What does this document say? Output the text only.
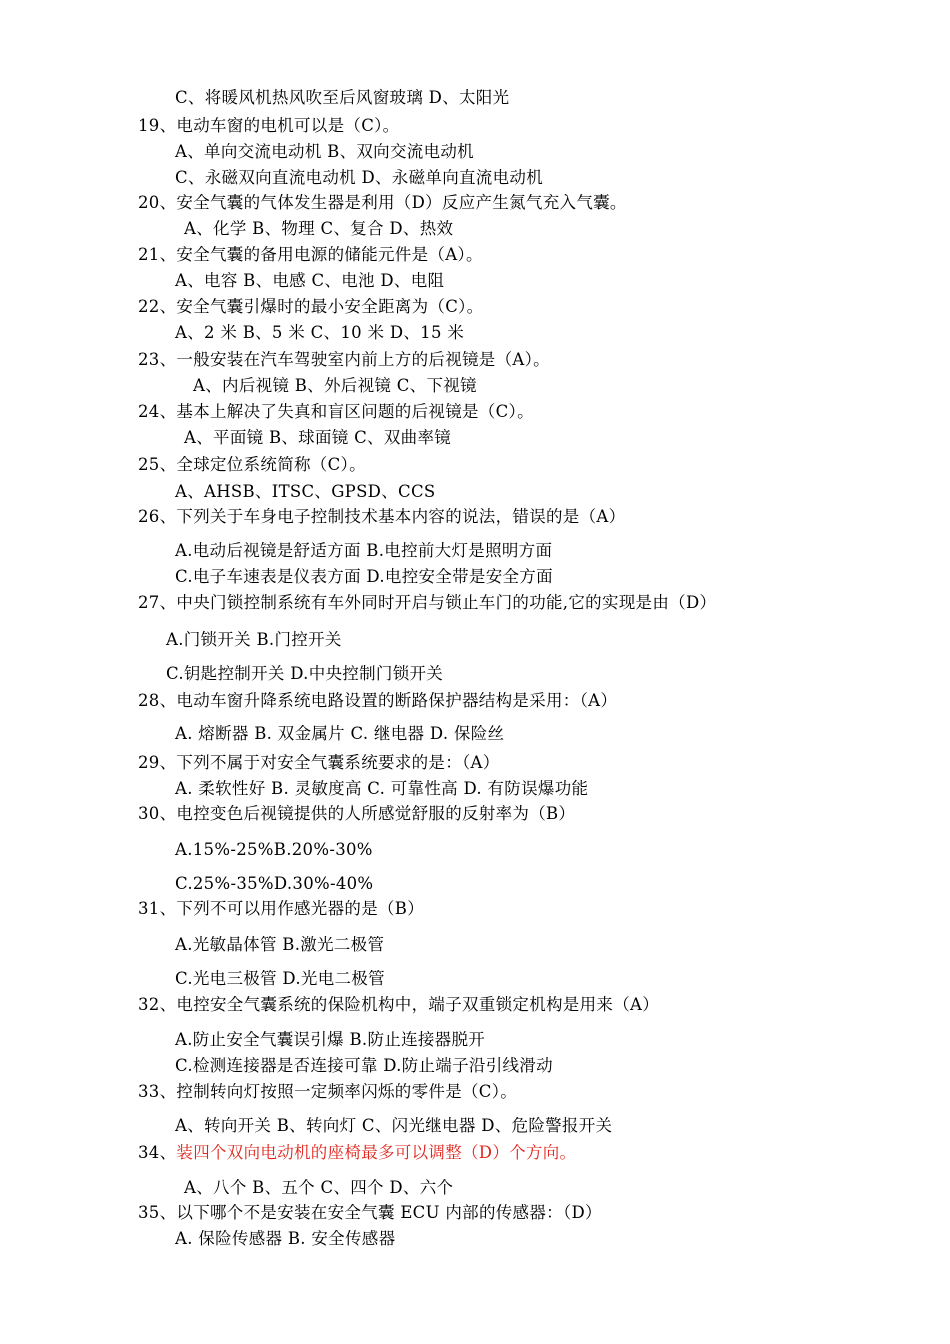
C、将暖风机热风吹至后风窗玻璃 D、太阳光
19、电动车窗的电机可以是（C）。
A、单向交流电动机 B、双向交流电动机
C、永磁双向直流电动机 D、永磁单向直流电动机
20、安全气囊的气体发生器是利用（D）反应产生氮气充入气囊。
A、化学 B、物理 C、复合 D、热效
21、安全气囊的备用电源的储能元件是（A）。
A、电容 B、电感 C、电池 D、电阻
22、安全气囊引爆时的最小安全距离为（C）。
A、2 米 B、5 米 C、10 米 D、15 米
23、一般安装在汽车驾驶室内前上方的后视镜是（A）。
A、内后视镜 B、外后视镜 C、下视镜
24、基本上解决了失真和盲区问题的后视镜是（C）。
A、平面镜 B、球面镜 C、双曲率镜
25、全球定位系统简称（C）。
A、AHSB、ITSC、GPSD、CCS
26、下列关于车身电子控制技术基本内容的说法，错误的是（A）
A.电动后视镜是舒适方面 B.电控前大灯是照明方面
C.电子车速表是仪表方面 D.电控安全带是安全方面
27、中央门锁控制系统有车外同时开启与锁止车门的功能,它的实现是由（D）
A.门锁开关 B.门控开关
C.钥匙控制开关 D.中央控制门锁开关
28、电动车窗升降系统电路设置的断路保护器结构是采用：（A）
A. 熔断器 B. 双金属片 C. 继电器 D. 保险丝
29、下列不属于对安全气囊系统要求的是：（A）
A. 柔软性好 B. 灵敏度高 C. 可靠性高 D. 有防误爆功能
30、电控变色后视镜提供的人所感觉舒服的反射率为（B）
A.15%-25%B.20%-30%
C.25%-35%D.30%-40%
31、下列不可以用作感光器的是（B）
A.光敏晶体管 B.激光二极管
C.光电三极管 D.光电二极管
32、电控安全气囊系统的保险机构中，端子双重锁定机构是用来（A）
A.防止安全气囊误引爆 B.防止连接器脱开
C.检测连接器是否连接可靠 D.防止端子沿引线滑动
33、控制转向灯按照一定频率闪烁的零件是（C）。
A、转向开关 B、转向灯 C、闪光继电器 D、危险警报开关
34、装四个双向电动机的座椅最多可以调整（D）个方向。
A、八个 B、五个 C、四个 D、六个
35、以下哪个不是安装在安全气囊 ECU 内部的传感器：（D）
A. 保险传感器 B. 安全传感器
